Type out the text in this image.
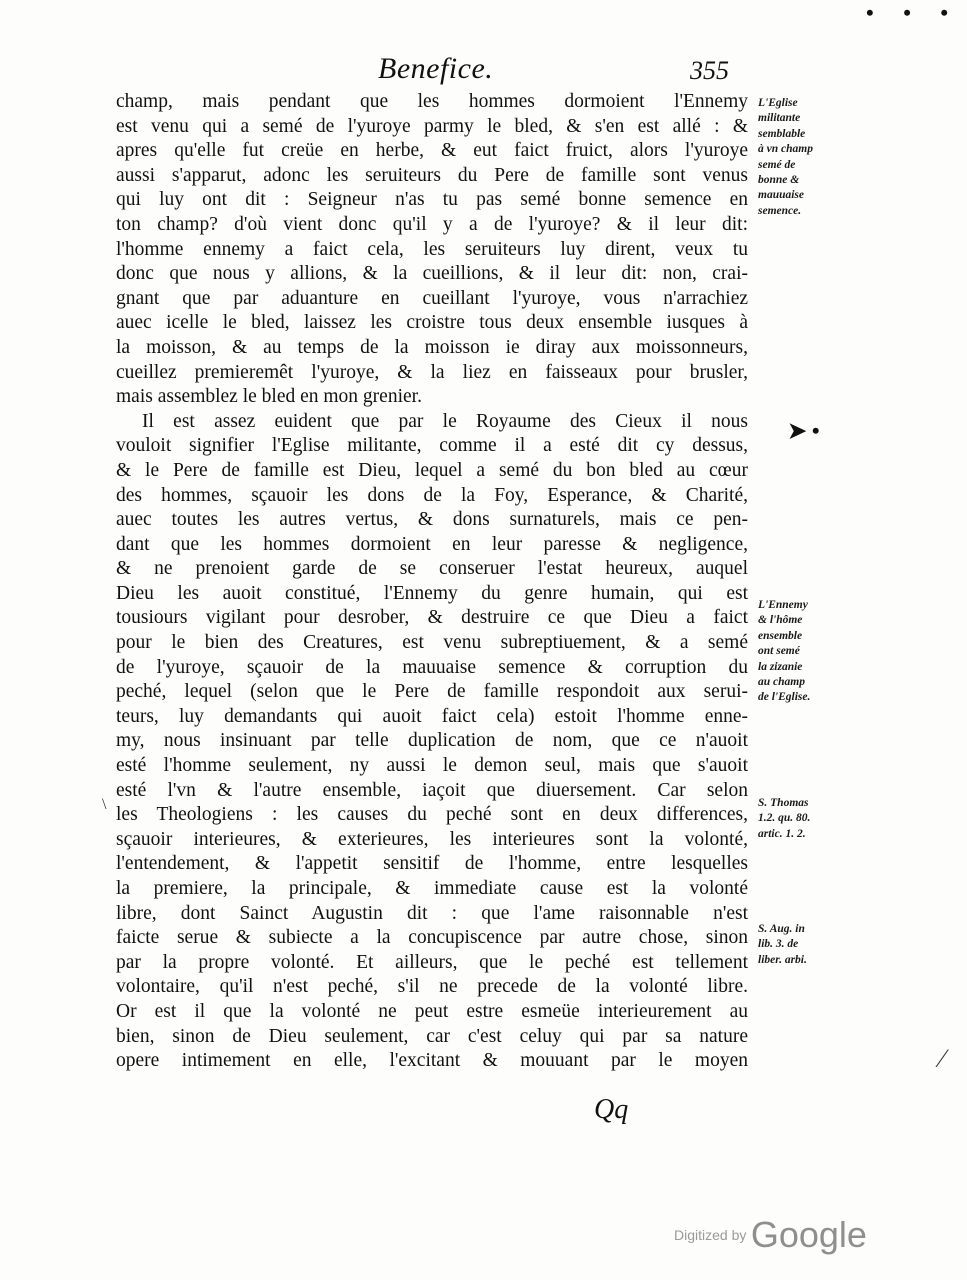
• • •
Benefice.	355
champ, mais pendant que les hommes dormoient l'Ennemy
est venu qui a semé de l'yuroye parmy le bled, & s'en est allé : &
apres qu'elle fut creüe en herbe, & eut faict fruict, alors l'yuroye
aussi s'apparut, adonc les seruiteurs du Pere de famille sont venus
qui luy ont dit : Seigneur n'as tu pas semé bonne semence en
ton champ? d'où vient donc qu'il y a de l'yuroye? & il leur dit:
l'homme ennemy a faict cela, les seruiteurs luy dirent, veux tu
donc que nous y allions, & la cueillions, & il leur dit: non, crai-
gnant que par aduanture en cueillant l'yuroye, vous n'arrachiez
auec icelle le bled, laissez les croistre tous deux ensemble iusques à
la moisson, & au temps de la moisson ie diray aux moissonneurs,
cueillez premieremêt l'yuroye, & la liez en faisseaux pour brusler,
mais assemblez le bled en mon grenier.
Il est assez euident que par le Royaume des Cieux il nous
vouloit signifier l'Eglise militante, comme il a esté dit cy dessus,
& le Pere de famille est Dieu, lequel a semé du bon bled au cœur
des hommes, sçauoir les dons de la Foy, Esperance, & Charité,
auec toutes les autres vertus, & dons surnaturels, mais ce pen-
dant que les hommes dormoient en leur paresse & negligence,
& ne prenoient garde de se conseruer l'estat heureux, auquel
Dieu les auoit constitué, l'Ennemy du genre humain, qui est
tousiours vigilant pour desrober, & destruire ce que Dieu a faict
pour le bien des Creatures, est venu subreptiuement, & a semé
de l'yuroye, sçauoir de la mauuaise semence & corruption du
peché, lequel (selon que le Pere de famille respondoit aux serui-
teurs, luy demandants qui auoit faict cela) estoit l'homme enne-
my, nous insinuant par telle duplication de nom, que ce n'auoit
esté l'homme seulement, ny aussi le demon seul, mais que s'auoit
esté l'vn & l'autre ensemble, iaçoit que diuersement. Car selon
les Theologiens : les causes du peché sont en deux differences,
sçauoir interieures, & exterieures, les interieures sont la volonté,
l'entendement, & l'appetit sensitif de l'homme, entre lesquelles
la premiere, la principale, & immediate cause est la volonté
libre, dont Sainct Augustin dit : que l'ame raisonnable n'est
faicte serue & subiecte a la concupiscence par autre chose, sinon
par la propre volonté. Et ailleurs, que le peché est tellement
volontaire, qu'il n'est peché, s'il ne precede de la volonté libre.
Or est il que la volonté ne peut estre esmeüe interieurement au
bien, sinon de Dieu seulement, car c'est celuy qui par sa nature
opere intimement en elle, l'excitant & mouuant par le moyen
L'Eglise
militante
semblable
à vn champ
semé de
bonne &
mauuaise
semence.
➤ •
L'Ennemy
& l'hôme
ensemble
ont semé
la zizanie
au champ
de l'Eglise.
S. Thomas
1.2. qu. 80.
artic. 1. 2.
S. Aug. in
lib. 3. de
liber. arbi.
\
⁄
Qq
Digitized by Google
